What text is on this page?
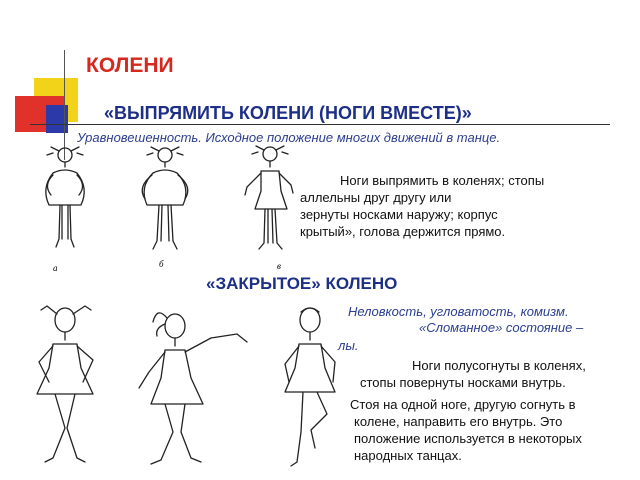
КОЛЕНИ
«ВЫПРЯМИТЬ КОЛЕНИ (НОГИ ВМЕСТЕ)»
Уравновешенность. Исходное положение многих движений в танце.
а	б	в
Ноги выпрямить в коленях; стопы
аллельны друг другу или
зернуты носками наружу; корпус
крытый», голова держится прямо.
«ЗАКРЫТОЕ» КОЛЕНО
Неловкость, угловатость, комизм.
«Сломанное» состояние –
лы.
Ноги полусогнуты в коленях,
стопы повернуты носками внутрь.
Стоя на одной ноге, другую согнуть в
колене, направить его внутрь. Это
положение используется в некоторых
народных танцах.
